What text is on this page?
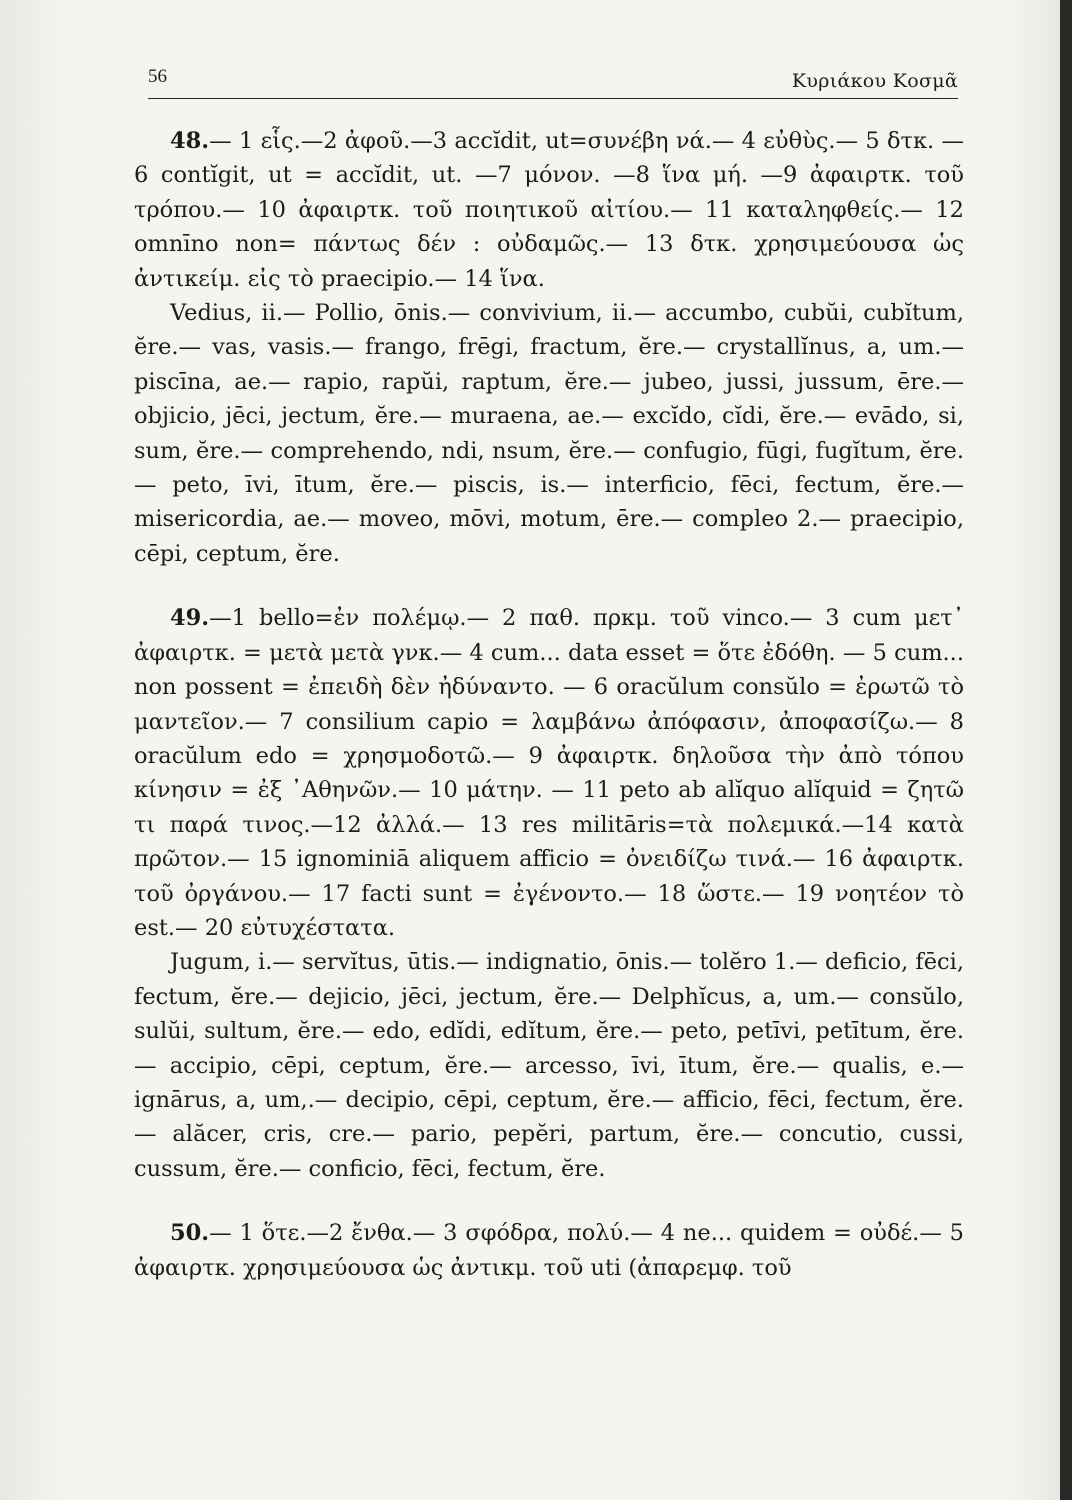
56	Κυριάκου Κοσμᾶ

48.— 1 εἷς.—2 ἀφοῦ.—3 accĭdit, ut=συνέβη νά.— 4 εὐθὺς.— 5 δτκ. —6 contĭgit, ut = accĭdit, ut. —7 μόνον. —8 ἵνα μή. —9 ἀφαιρτκ. τοῦ τρόπου.— 10 ἀφαιρτκ. τοῦ ποιητικοῦ αἰτίου.— 11 καταληφθείς.— 12 omnīno non= πάντως δέν : οὐδαμῶς.— 13 δτκ. χρησιμεύουσα ὡς ἀντικείμ. εἰς τὸ praecipio.— 14 ἵνα.

Vedius, ii.— Pollio, ōnis.— convivium, ii.— accumbo, cubŭi, cubĭtum, ĕre.— vas, vasis.— frango, frēgi, fractum, ĕre.— crystallĭnus, a, um.— piscīna, ae.— rapio, rapŭi, raptum, ĕre.— jubeo, jussi, jussum, ēre.— objicio, jēci, jectum, ĕre.— muraena, ae.— excĭdo, cĭdi, ĕre.— evādo, si, sum, ĕre.— comprehendo, ndi, nsum, ĕre.— confugio, fūgi, fugĭtum, ĕre.— peto, īvi, ītum, ĕre.— piscis, is.— interficio, fēci, fectum, ĕre.— misericordia, ae.— moveo, mōvi, motum, ēre.— compleo 2.— praecipio, cēpi, ceptum, ĕre.

49.—1 bello=ἐν πολέμῳ.— 2 παθ. πρκμ. τοῦ vinco.— 3 cum μετ᾽ ἀφαιρτκ. = μετὰ μετὰ γνκ.— 4 cum... data esset = ὅτε ἐδόθη. — 5 cum... non possent = ἐπειδὴ δὲν ἠδύναντο. — 6 oracŭlum consŭlo = ἐρωτῶ τὸ μαντεῖον.— 7 consilium capio = λαμβάνω ἀπόφασιν, ἀποφασίζω.— 8 oracŭlum edo = χρησμοδοτῶ.— 9 ἀφαιρτκ. δηλοῦσα τὴν ἀπὸ τόπου κίνησιν = ἐξ ᾿Αθηνῶν.— 10 μάτην. — 11 peto ab alĭquo alĭquid = ζητῶ τι παρά τινος.—12 ἀλλά.— 13 res militāris=τὰ πολεμικά.—14 κατὰ πρῶτον.— 15 ignominiā aliquem afficio = ὀνειδίζω τινά.— 16 ἀφαιρτκ. τοῦ ὀργάνου.— 17 facti sunt = ἐγένοντο.— 18 ὥστε.— 19 νοητέον τὸ est.— 20 εὐτυχέστατα.

Jugum, i.— servĭtus, ūtis.— indignatio, ōnis.— tolĕro 1.— deficio, fēci, fectum, ĕre.— dejicio, jēci, jectum, ĕre.— Delphĭcus, a, um.— consŭlo, sulŭi, sultum, ĕre.— edo, edĭdi, edĭtum, ĕre.— peto, petīvi, petītum, ĕre.— accipio, cēpi, ceptum, ĕre.— arcesso, īvi, ītum, ĕre.— qualis, e.— ignārus, a, um,.— decipio, cēpi, ceptum, ĕre.— afficio, fēci, fectum, ĕre.— alăcer, cris, cre.— pario, pepĕri, partum, ĕre.— concutio, cussi, cussum, ĕre.— conficio, fēci, fectum, ĕre.

50.— 1 ὅτε.—2 ἔνθα.— 3 σφόδρα, πολύ.— 4 ne... quidem = οὐδέ.— 5 ἀφαιρτκ. χρησιμεύουσα ὡς ἀντικμ. τοῦ uti (ἀπαρεμφ. τοῦ
